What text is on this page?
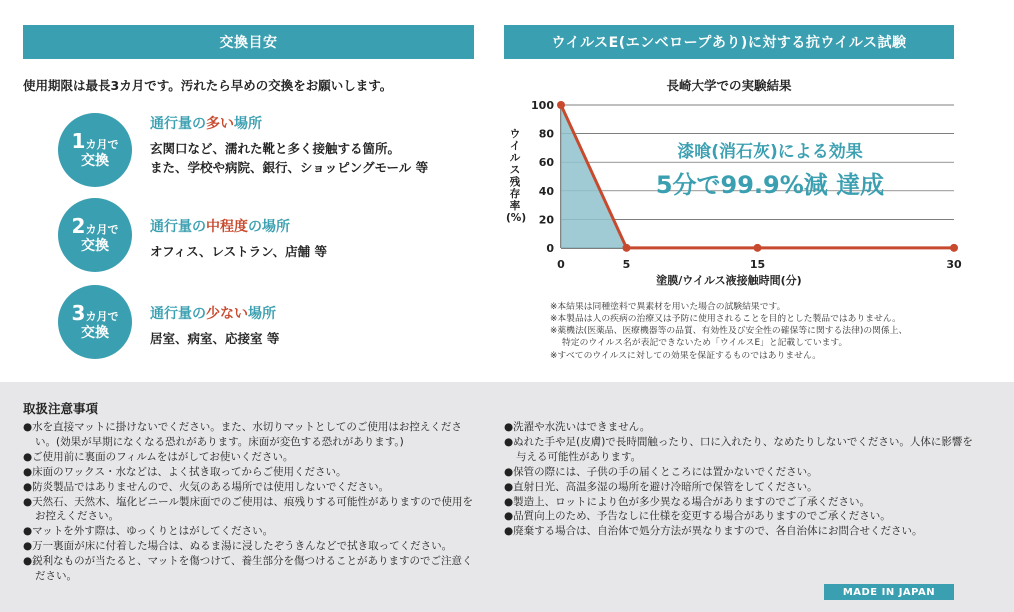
交換目安
使用期限は最長3カ月です。汚れたら早めの交換をお願いします。
1 カ月で
交換
通行量の多い場所
玄関口など、濡れた靴と多く接触する箇所。
また、学校や病院、銀行、ショッピングモール 等
2 カ月で
交換
通行量の中程度の場所
オフィス、レストラン、店舗 等
3 カ月で
交換
通行量の少ない場所
居室、病室、応接室 等
ウイルスE(エンベロープあり)に対する抗ウイルス試験
長崎大学での実験結果
ウイルス残存率
(%)
100
80
60
40
20
0
0	5	15	30
漆喰(消石灰)による効果
5分で99.9%減 達成
塗膜/ウイルス液接触時間(分)
※本結果は同種塗料で異素材を用いた場合の試験結果です。
※本製品は人の疾病の治療又は予防に使用されることを目的とした製品ではありません。
※薬機法(医薬品、医療機器等の品質、有効性及び安全性の確保等に関する法律)の関係上、
特定のウイルス名が表記できないため「ウイルスE」と記載しています。
※すべてのウイルスに対しての効果を保証するものではありません。
取扱注意事項
● 水を直接マットに掛けないでください。また、水切りマットとしてのご使用はお控えください。(効果が早期になくなる恐れがあります。床面が変色する恐れがあります。)
● ご使用前に裏面のフィルムをはがしてお使いください。
● 床面のワックス・水などは、よく拭き取ってからご使用ください。
● 防炎製品ではありませんので、火気のある場所では使用しないでください。
● 天然石、天然木、塩化ビニール製床面でのご使用は、痕残りする可能性がありますので使用をお控えください。
● マットを外す際は、ゆっくりとはがしてください。
● 万一裏面が床に付着した場合は、ぬるま湯に浸したぞうきんなどで拭き取ってください。
● 鋭利なものが当たると、マットを傷つけて、養生部分を傷つけることがありますのでご注意ください。
● 洗濯や水洗いはできません。
● ぬれた手や足(皮膚)で長時間触ったり、口に入れたり、なめたりしないでください。人体に影響を与える可能性があります。
● 保管の際には、子供の手の届くところには置かないでください。
● 直射日光、高温多湿の場所を避け冷暗所で保管をしてください。
● 製造上、ロットにより色が多少異なる場合がありますのでご了承ください。
● 品質向上のため、予告なしに仕様を変更する場合がありますのでご承ください。
● 廃棄する場合は、自治体で処分方法が異なりますので、各自治体にお問合せください。
MADE IN JAPAN
